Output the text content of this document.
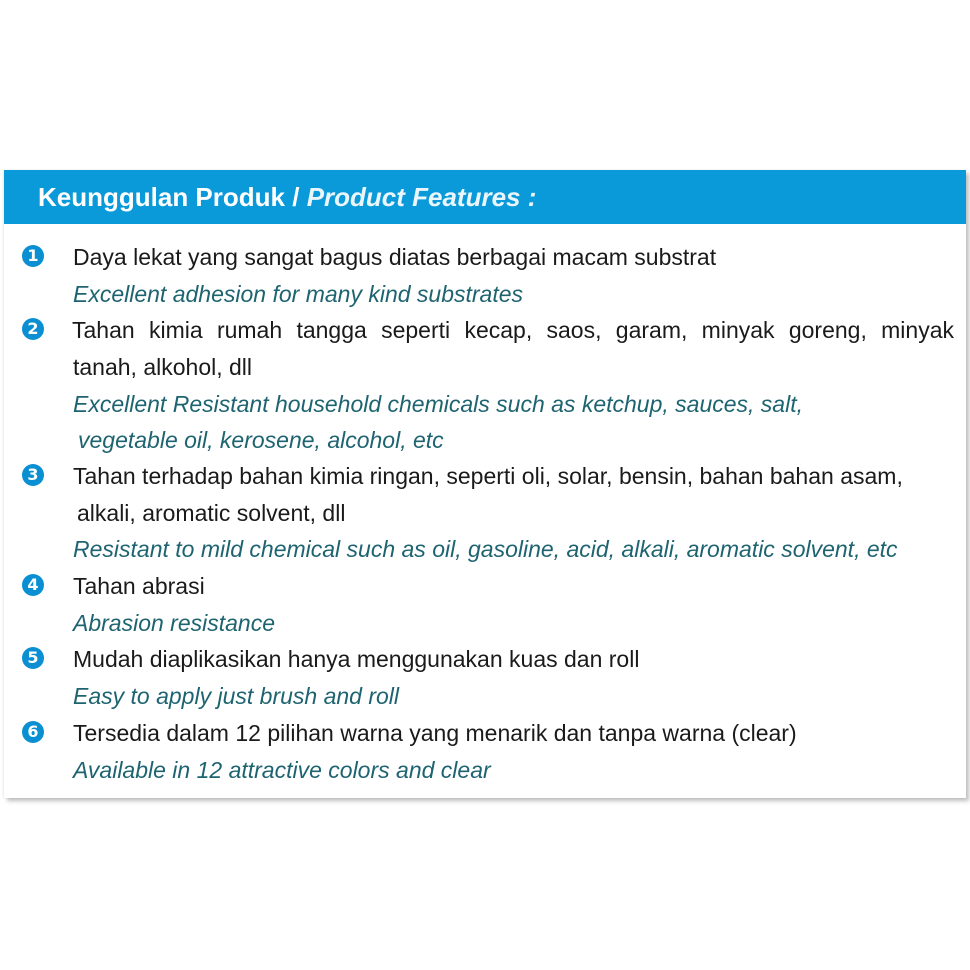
Keunggulan Produk / Product Features :
1 Daya lekat yang sangat bagus diatas berbagai macam substrat
Excellent adhesion for many kind substrates
2 Tahan kimia rumah tangga seperti kecap, saos, garam, minyak goreng, minyak
tanah, alkohol, dll
Excellent Resistant household chemicals such as ketchup, sauces, salt,
vegetable oil, kerosene, alcohol, etc
3 Tahan terhadap bahan kimia ringan, seperti oli, solar, bensin, bahan bahan asam,
alkali, aromatic solvent, dll
Resistant to mild chemical such as oil, gasoline, acid, alkali, aromatic solvent, etc
4 Tahan abrasi
Abrasion resistance
5 Mudah diaplikasikan hanya menggunakan kuas dan roll
Easy to apply just brush and roll
6 Tersedia dalam 12 pilihan warna yang menarik dan tanpa warna (clear)
Available in 12 attractive colors and clear
